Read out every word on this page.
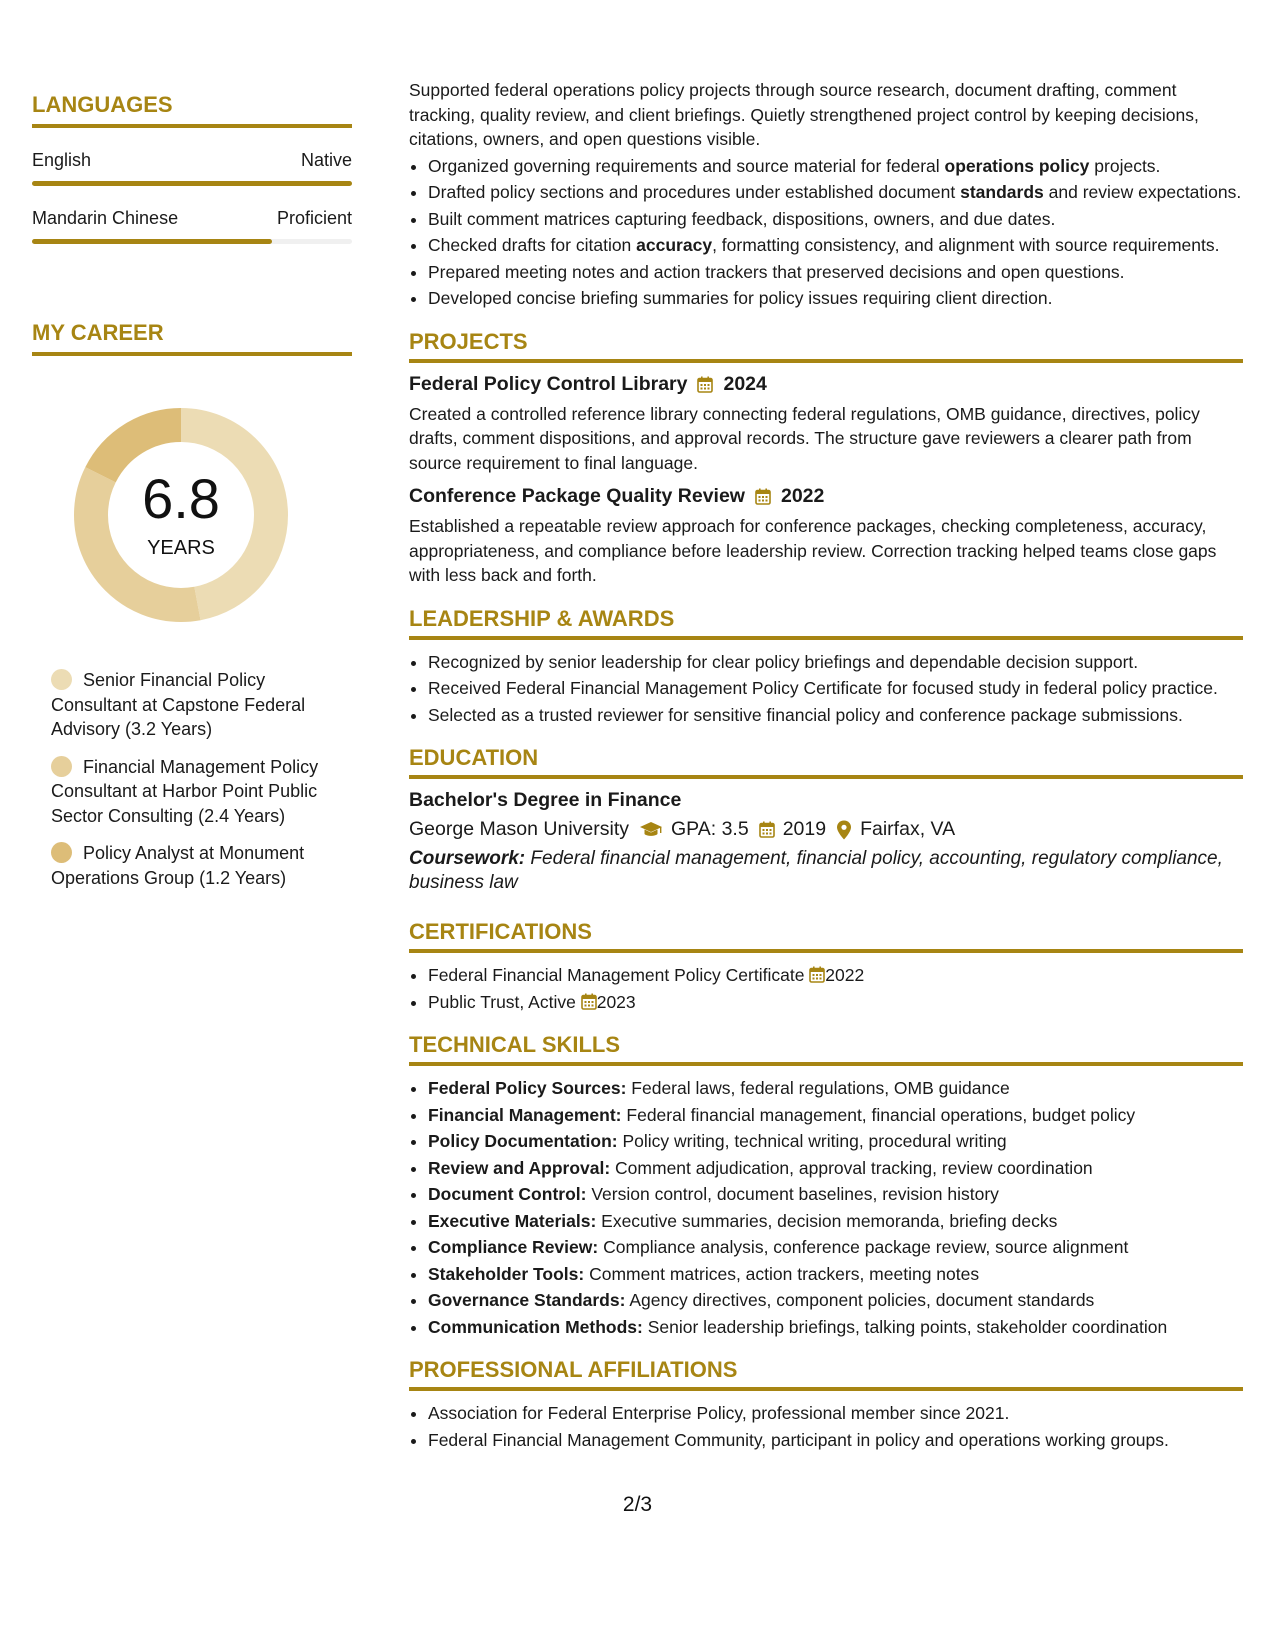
LANGUAGES
English	Native
Mandarin Chinese	Proficient
MY CAREER
6.8
YEARS
Senior Financial Policy Consultant at Capstone Federal Advisory (3.2 Years)
Financial Management Policy Consultant at Harbor Point Public Sector Consulting (2.4 Years)
Policy Analyst at Monument Operations Group (1.2 Years)

Supported federal operations policy projects through source research, document drafting, comment tracking, quality review, and client briefings. Quietly strengthened project control by keeping decisions, citations, owners, and open questions visible.

• Organized governing requirements and source material for federal operations policy projects.
• Drafted policy sections and procedures under established document standards and review expectations.
• Built comment matrices capturing feedback, dispositions, owners, and due dates.
• Checked drafts for citation accuracy, formatting consistency, and alignment with source requirements.
• Prepared meeting notes and action trackers that preserved decisions and open questions.
• Developed concise briefing summaries for policy issues requiring client direction.
PROJECTS
Federal Policy Control Library 2024

Created a controlled reference library connecting federal regulations, OMB guidance, directives, policy drafts, comment dispositions, and approval records. The structure gave reviewers a clearer path from source requirement to final language.

Conference Package Quality Review 2022

Established a repeatable review approach for conference packages, checking completeness, accuracy, appropriateness, and compliance before leadership review. Correction tracking helped teams close gaps with less back and forth.

LEADERSHIP & AWARDS
• Recognized by senior leadership for clear policy briefings and dependable decision support.
• Received Federal Financial Management Policy Certificate for focused study in federal policy practice.
• Selected as a trusted reviewer for sensitive financial policy and conference package submissions.
EDUCATION
Bachelor's Degree in Finance
George Mason University GPA: 3.5 2019 Fairfax, VA
Coursework: Federal financial management, financial policy, accounting, regulatory compliance, business law
CERTIFICATIONS
• Federal Financial Management Policy Certificate 2022
• Public Trust, Active 2023
TECHNICAL SKILLS
• Federal Policy Sources: Federal laws, federal regulations, OMB guidance
• Financial Management: Federal financial management, financial operations, budget policy
• Policy Documentation: Policy writing, technical writing, procedural writing
• Review and Approval: Comment adjudication, approval tracking, review coordination
• Document Control: Version control, document baselines, revision history
• Executive Materials: Executive summaries, decision memoranda, briefing decks
• Compliance Review: Compliance analysis, conference package review, source alignment
• Stakeholder Tools: Comment matrices, action trackers, meeting notes
• Governance Standards: Agency directives, component policies, document standards
• Communication Methods: Senior leadership briefings, talking points, stakeholder coordination
PROFESSIONAL AFFILIATIONS
• Association for Federal Enterprise Policy, professional member since 2021.
• Federal Financial Management Community, participant in policy and operations working groups.
2/3
